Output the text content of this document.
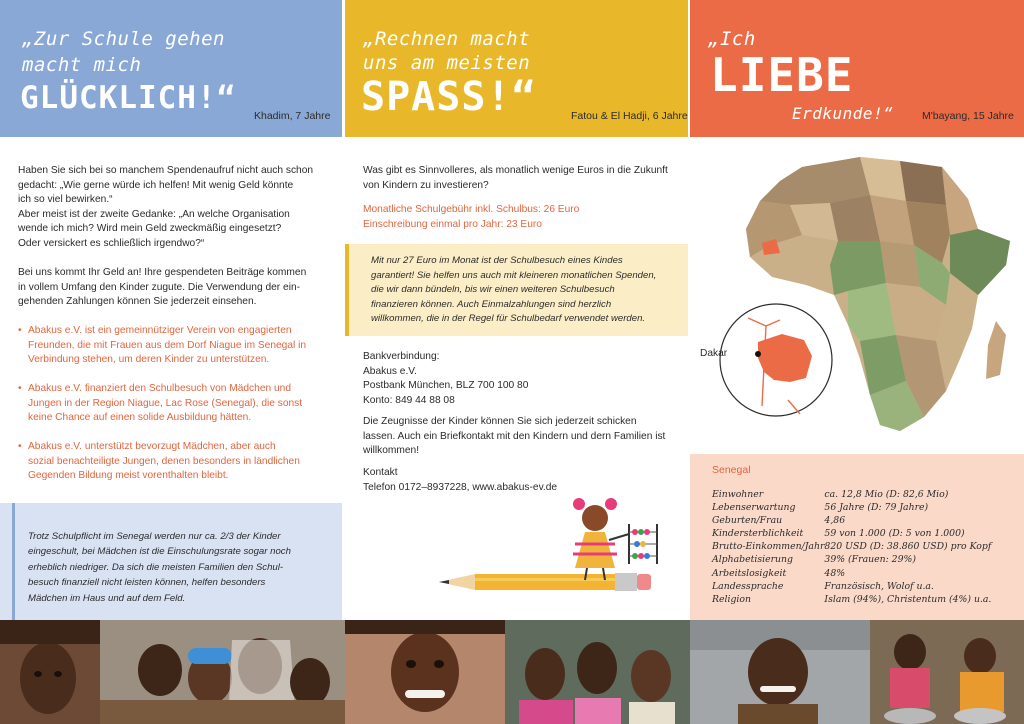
„Zur Schule gehen
macht mich
GLÜCKLICH!“ Khadim, 7 Jahre
Haben Sie sich bei so manchem Spendenaufruf nicht auch schon
gedacht: „Wie gerne würde ich helfen! Mit wenig Geld könnte
ich so viel bewirken.“
Aber meist ist der zweite Gedanke: „An welche Organisation
wende ich mich? Wird mein Geld zweckmäßig eingesetzt?
Oder versickert es schließlich irgendwo?“
Bei uns kommt Ihr Geld an! Ihre gespendeten Beiträge kommen
in vollem Umfang den Kinder zugute. Die Verwendung der ein-
gehenden Zahlungen können Sie jederzeit einsehen.
• Abakus e.V. ist ein gemeinnütziger Verein von engagierten
Freunden, die mit Frauen aus dem Dorf Niague im Senegal in
Verbindung stehen, um deren Kinder zu unterstützen.
• Abakus e.V. finanziert den Schulbesuch von Mädchen und
Jungen in der Region Niague, Lac Rose (Senegal), die sonst
keine Chance auf einen solide Ausbildung hätten.
• Abakus e.V. unterstützt bevorzugt Mädchen, aber auch
sozial benachteiligte Jungen, denen besonders in ländlichen
Gegenden Bildung meist vorenthalten bleibt.
Trotz Schulpflicht im Senegal werden nur ca. 2/3 der Kinder
eingeschult, bei Mädchen ist die Einschulungsrate sogar noch
erheblich niedriger. Da sich die meisten Familien den Schul-
besuch finanziell nicht leisten können, helfen besonders
Mädchen im Haus und auf dem Feld.
„Rechnen macht
uns am meisten
SPASS!“	Fatou & El Hadji, 6 Jahre
Was gibt es Sinnvolleres, als monatlich wenige Euros in die Zukunft
von Kindern zu investieren?
Monatliche Schulgebühr inkl. Schulbus: 26 Euro
Einschreibung einmal pro Jahr: 23 Euro
Mit nur 27 Euro im Monat ist der Schulbesuch eines Kindes
garantiert! Sie helfen uns auch mit kleineren monatlichen Spenden,
die wir dann bündeln, bis wir einen weiteren Schulbesuch
finanzieren können. Auch Einmalzahlungen sind herzlich
willkommen, die in der Regel für Schulbedarf verwendet werden.
Bankverbindung:
Abakus e.V.
Postbank München, BLZ 700 100 80
Konto: 849 44 88 08
Die Zeugnisse der Kinder können Sie sich jederzeit schicken
lassen. Auch ein Briefkontakt mit den Kindern und dern Familien ist
willkommen!
Kontakt
Telefon 0172–8937228, www.abakus-ev.de
„Ich
LIEBE
Erdkunde!“	M'bayang, 15 Jahre
Dakar
Senegal
Einwohner	ca. 12,8 Mio (D: 82,6 Mio)
Lebenserwartung	56 Jahre (D: 79 Jahre)
Geburten/Frau	4,86
Kindersterblichkeit	59 von 1.000 (D: 5 von 1.000)
Brutto-Einkommen/Jahr	820 USD (D: 38.860 USD) pro Kopf
Alphabetisierung	39% (Frauen: 29%)
Arbeitslosigkeit	48%
Landessprache	Französisch, Wolof u.a.
Religion	Islam (94%), Christentum (4%) u.a.
